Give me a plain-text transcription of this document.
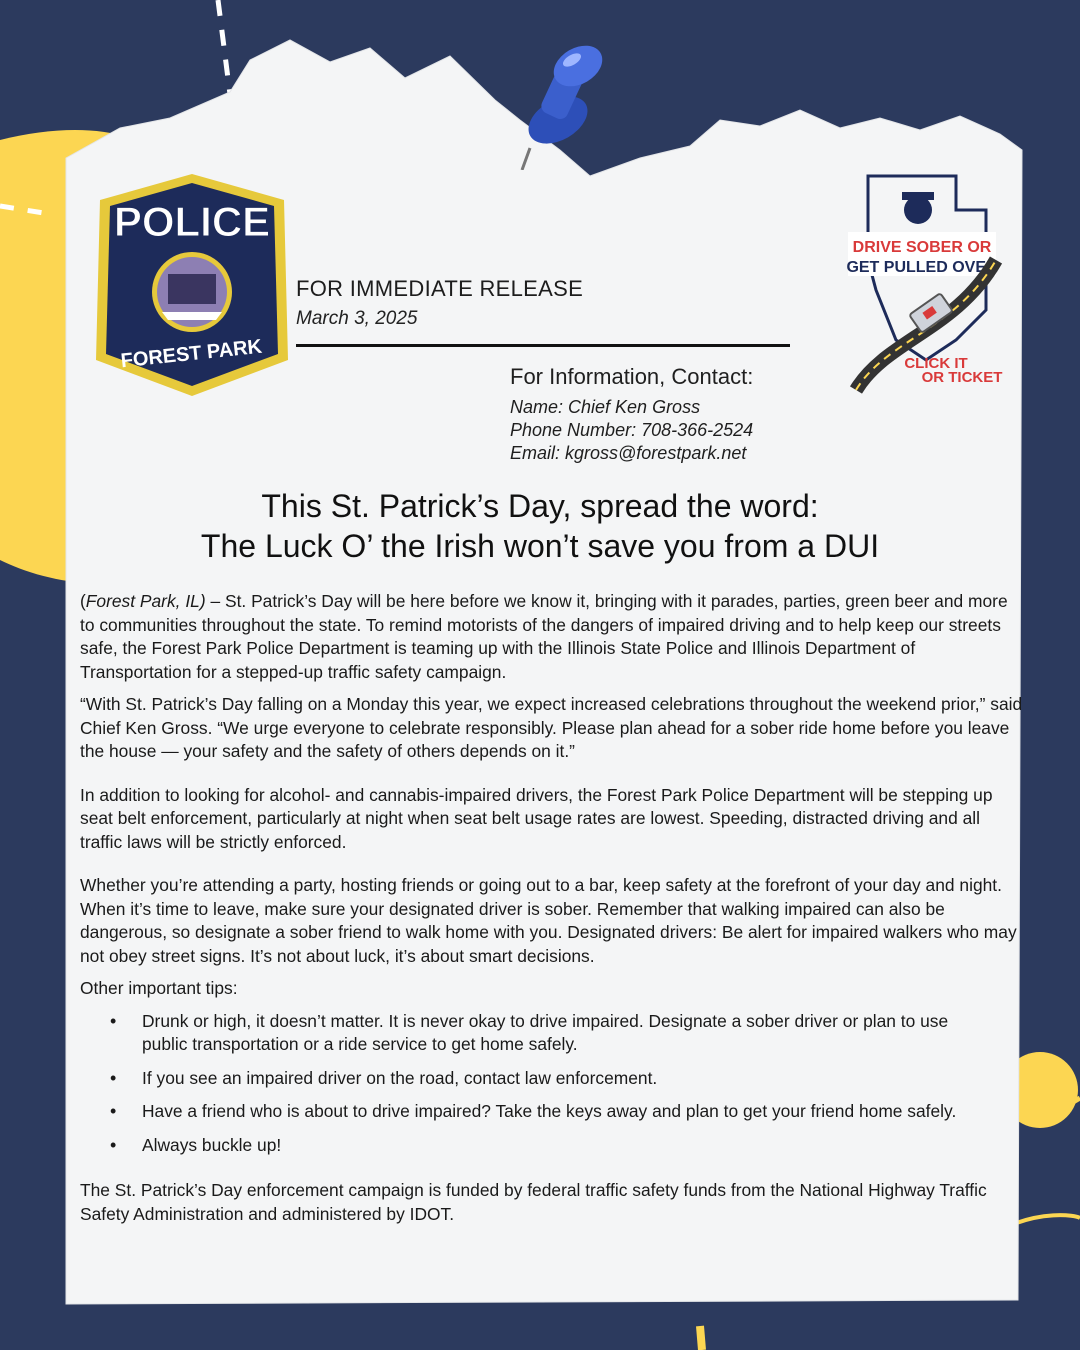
POLICE
FOREST PARK
FOR IMMEDIATE RELEASE
March 3, 2025
For Information, Contact:
Name: Chief Ken Gross
Phone Number: 708-366-2524
Email: kgross@forestpark.net
DRIVE SOBER OR
GET PULLED OVER
CLICK IT
OR TICKET
This St. Patrick’s Day, spread the word:
The Luck O’ the Irish won’t save you from a DUI

(Forest Park, IL) – St. Patrick’s Day will be here before we know it, bringing with it parades, parties, green beer and more to communities throughout the state. To remind motorists of the dangers of impaired driving and to help keep our streets safe, the Forest Park Police Department is teaming up with the Illinois State Police and Illinois Department of Transportation for a stepped-up traffic safety campaign.

“With St. Patrick’s Day falling on a Monday this year, we expect increased celebrations throughout the weekend prior,” said Chief Ken Gross. “We urge everyone to celebrate responsibly. Please plan ahead for a sober ride home before you leave the house — your safety and the safety of others depends on it.”

In addition to looking for alcohol- and cannabis-impaired drivers, the Forest Park Police Department will be stepping up seat belt enforcement, particularly at night when seat belt usage rates are lowest. Speeding, distracted driving and all traffic laws will be strictly enforced.

Whether you’re attending a party, hosting friends or going out to a bar, keep safety at the forefront of your day and night. When it’s time to leave, make sure your designated driver is sober. Remember that walking impaired can also be dangerous, so designate a sober friend to walk home with you. Designated drivers: Be alert for impaired walkers who may not obey street signs. It’s not about luck, it’s about smart decisions.

Other important tips:

• Drunk or high, it doesn’t matter. It is never okay to drive impaired. Designate a sober driver or plan to use public transportation or a ride service to get home safely.
• If you see an impaired driver on the road, contact law enforcement.
• Have a friend who is about to drive impaired? Take the keys away and plan to get your friend home safely.
• Always buckle up!

The St. Patrick’s Day enforcement campaign is funded by federal traffic safety funds from the National Highway Traffic Safety Administration and administered by IDOT.
